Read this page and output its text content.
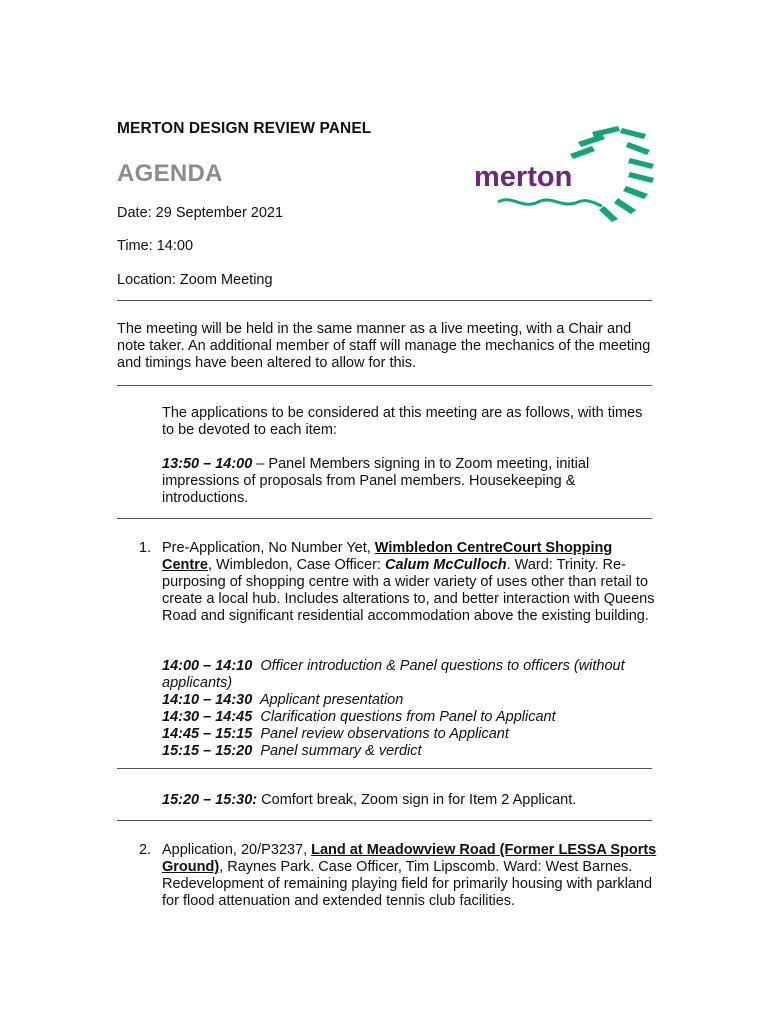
MERTON DESIGN REVIEW PANEL
AGENDA	merton
Date: 29 September 2021
Time: 14:00
Location: Zoom Meeting
The meeting will be held in the same manner as a live meeting, with a Chair and note taker. An additional member of staff will manage the mechanics of the meeting and timings have been altered to allow for this.
The applications to be considered at this meeting are as follows, with times to be devoted to each item:
13:50 – 14:00 – Panel Members signing in to Zoom meeting, initial impressions of proposals from Panel members. Housekeeping & introductions.
1. Pre-Application, No Number Yet, Wimbledon CentreCourt Shopping Centre, Wimbledon, Case Officer: Calum McCulloch. Ward: Trinity. Re-purposing of shopping centre with a wider variety of uses other than retail to create a local hub. Includes alterations to, and better interaction with Queens Road and significant residential accommodation above the existing building.
14:00 – 14:10 Officer introduction & Panel questions to officers (without applicants)
14:10 – 14:30 Applicant presentation
14:30 – 14:45 Clarification questions from Panel to Applicant
14:45 – 15:15 Panel review observations to Applicant
15:15 – 15:20 Panel summary & verdict
15:20 – 15:30: Comfort break, Zoom sign in for Item 2 Applicant.
2. Application, 20/P3237, Land at Meadowview Road (Former LESSA Sports Ground), Raynes Park. Case Officer, Tim Lipscomb. Ward: West Barnes. Redevelopment of remaining playing field for primarily housing with parkland for flood attenuation and extended tennis club facilities.
